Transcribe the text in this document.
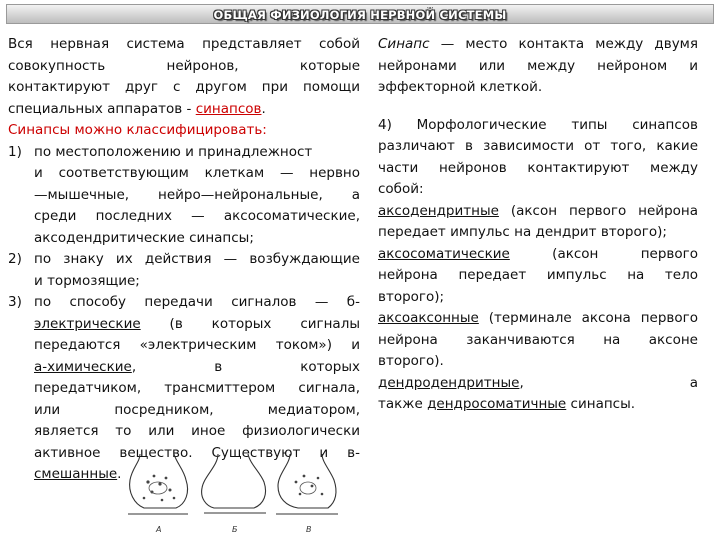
ОБЩАЯ ФИЗИОЛОГИЯ НЕРВНОЙ СИСТЕМЫ
Вся нервная система представляет собой
совокупность нейронов, которые
контактируют друг с другом при помощи
специальных аппаратов - синапсов.
Синапсы можно классифицировать:
1) по местоположению и принадлежност
и соответствующим клеткам — нервно
—мышечные, нейро—нейрональные, а
среди последних — аксосоматические,
аксодендритические синапсы;
2) по знаку их действия — возбуждающие
и тормозящие;
3) по способу передачи сигналов — б-
электрические (в которых сигналы
передаются «электрическим током») и
а-химические, в которых
передатчиком, трансмиттером сигнала,
или посредником, медиатором,
является то или иное физиологически
активное вещество. Существуют и в-
смешанные.
Синапс — место контакта между двумя
нейронами или между нейроном и
эффекторной клеткой.
4) Морфологические типы синапсов
различают в зависимости от того, какие
части нейронов контактируют между
собой:
аксодендритные (аксон первого нейрона
передает импульс на дендрит второго);
аксосоматические (аксон первого
нейрона передает импульс на тело
второго);
аксоаксонные (терминале аксона первого
нейрона заканчиваются на аксоне
второго).
дендродендритные, а
также дендросоматичные синапсы.
А	Б	В
